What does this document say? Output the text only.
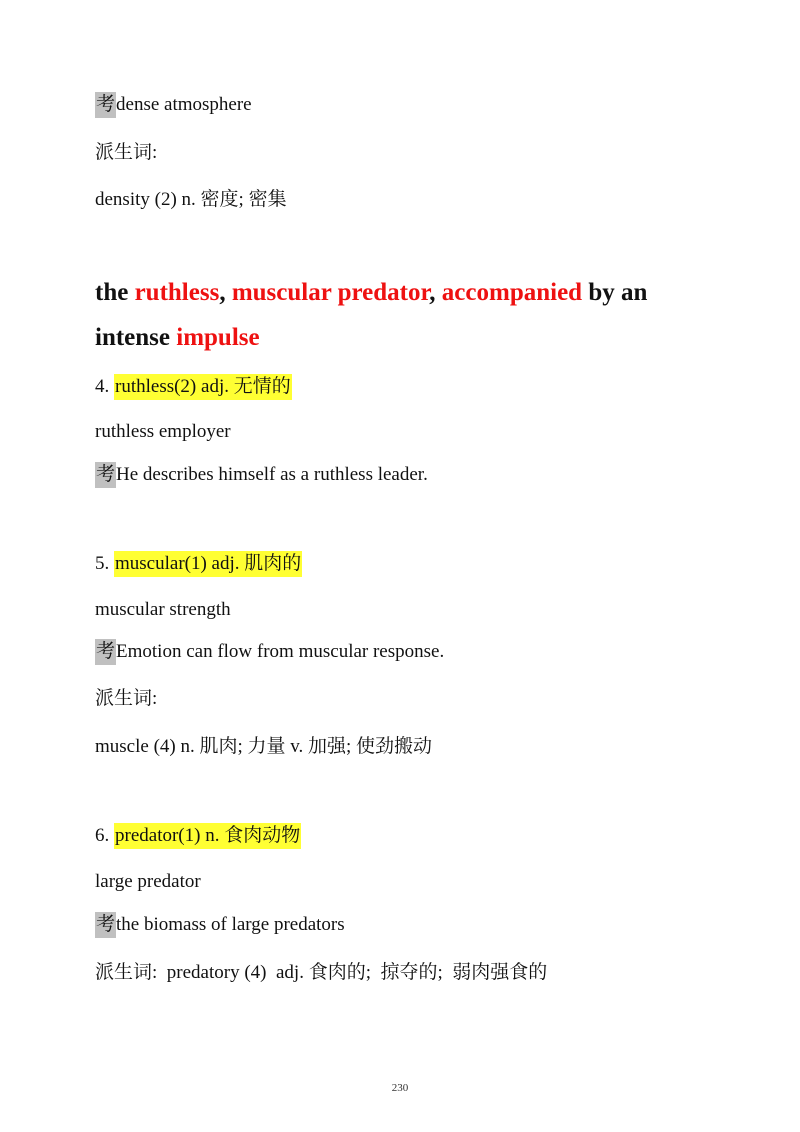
考dense atmosphere
派生词:
density (2) n. 密度; 密集
the ruthless, muscular predator, accompanied by an
intense impulse
4. ruthless(2) adj. 无情的
ruthless employer
考He describes himself as a ruthless leader.
5. muscular(1) adj. 肌肉的
muscular strength
考Emotion can flow from muscular response.
派生词:
muscle (4) n. 肌肉; 力量 v. 加强; 使劲搬动
6. predator(1) n. 食肉动物
large predator
考the biomass of large predators
派生词:  predatory (4)  adj. 食肉的;  掠夺的;  弱肉强食的
230
